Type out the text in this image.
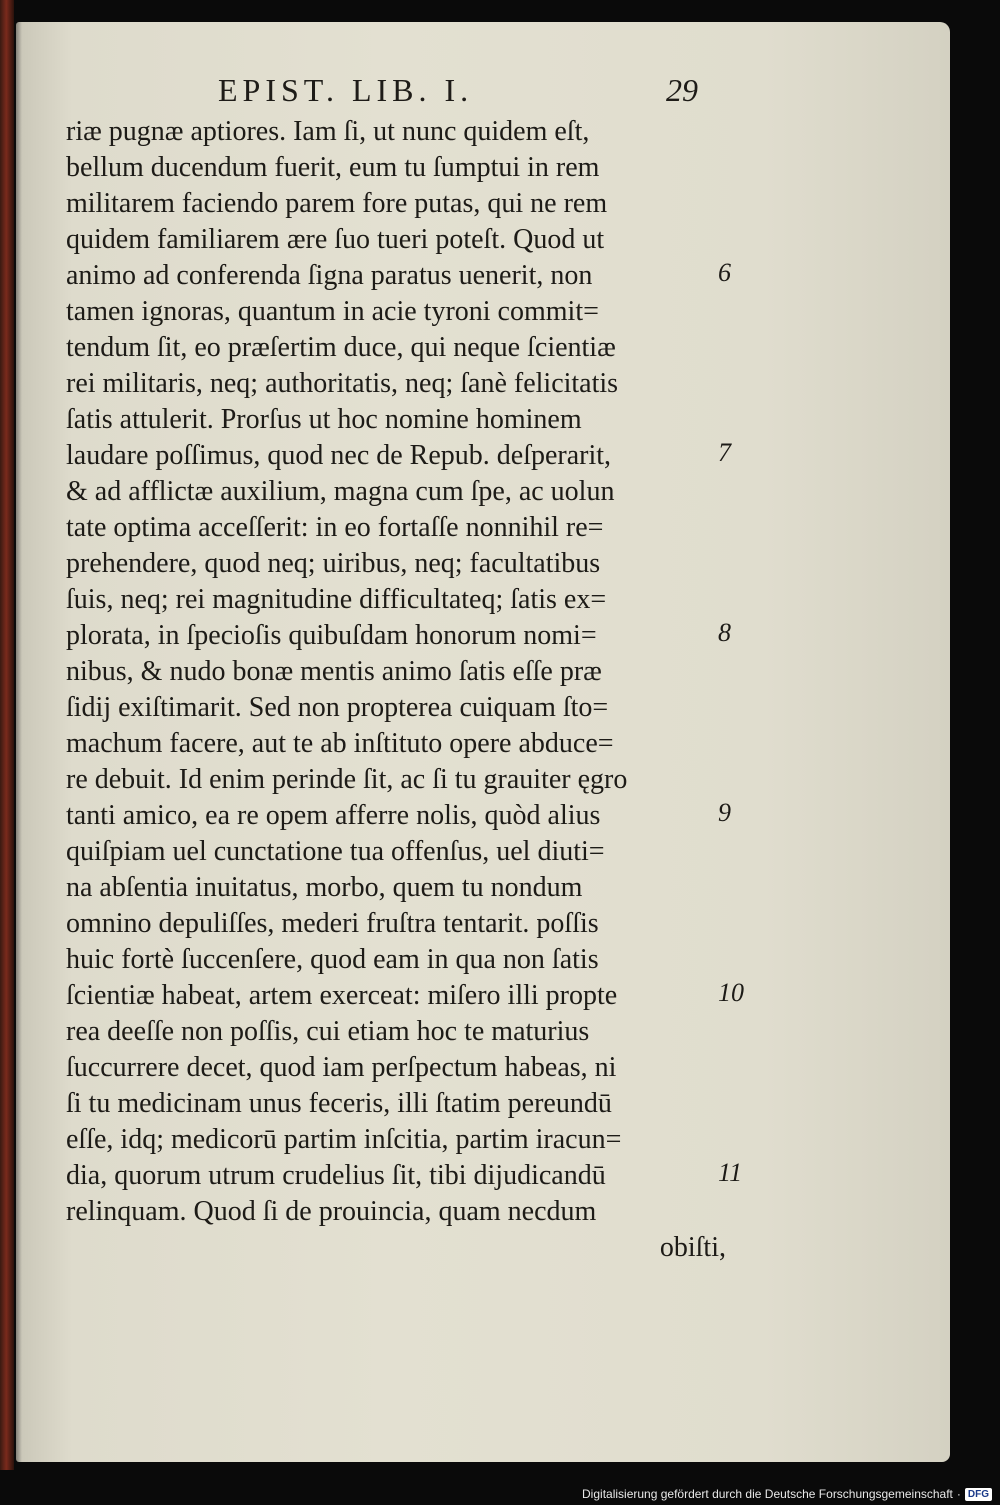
EPIST. LIB. I.	29
riæ pugnæ aptiores. Iam ſi, ut nunc quidem eſt,
bellum ducendum fuerit, eum tu ſumptui in rem
militarem faciendo parem fore putas, qui ne rem
quidem familiarem ære ſuo tueri poteſt. Quod ut
animo ad conferenda ſigna paratus uenerit, non
tamen ignoras, quantum in acie tyroni commit=
tendum ſit, eo præſertim duce, qui neque ſcientiæ
rei militaris, neq; authoritatis, neq; ſanè felicitatis
ſatis attulerit. Prorſus ut hoc nomine hominem
laudare poſſimus, quod nec de Repub. deſperarit,
& ad afflictæ auxilium, magna cum ſpe, ac uolun
tate optima acceſſerit: in eo fortaſſe nonnihil re=
prehendere, quod neq; uiribus, neq; facultatibus
ſuis, neq; rei magnitudine difficultateq; ſatis ex=
plorata, in ſpecioſis quibuſdam honorum nomi=
nibus, & nudo bonæ mentis animo ſatis eſſe præ
ſidij exiſtimarit. Sed non propterea cuiquam ſto=
machum facere, aut te ab inſtituto opere abduce=
re debuit. Id enim perinde ſit, ac ſi tu grauiter ęgro
tanti amico, ea re opem afferre nolis, quòd alius
quiſpiam uel cunctatione tua offenſus, uel diuti=
na abſentia inuitatus, morbo, quem tu nondum
omnino depuliſſes, mederi fruſtra tentarit. poſſis
huic fortè ſuccenſere, quod eam in qua non ſatis
ſcientiæ habeat, artem exerceat: miſero illi propte
rea deeſſe non poſſis, cui etiam hoc te maturius
ſuccurrere decet, quod iam perſpectum habeas, ni
ſi tu medicinam unus feceris, illi ſtatim pereundū
eſſe, idq; medicorū partim inſcitia, partim iracun=
dia, quorum utrum crudelius ſit, tibi dijudicandū
relinquam. Quod ſi de prouincia, quam necdum
obiſti,
6
7
8
9
10
11
Digitalisierung gefördert durch die Deutsche Forschungsgemeinschaft · DFG
